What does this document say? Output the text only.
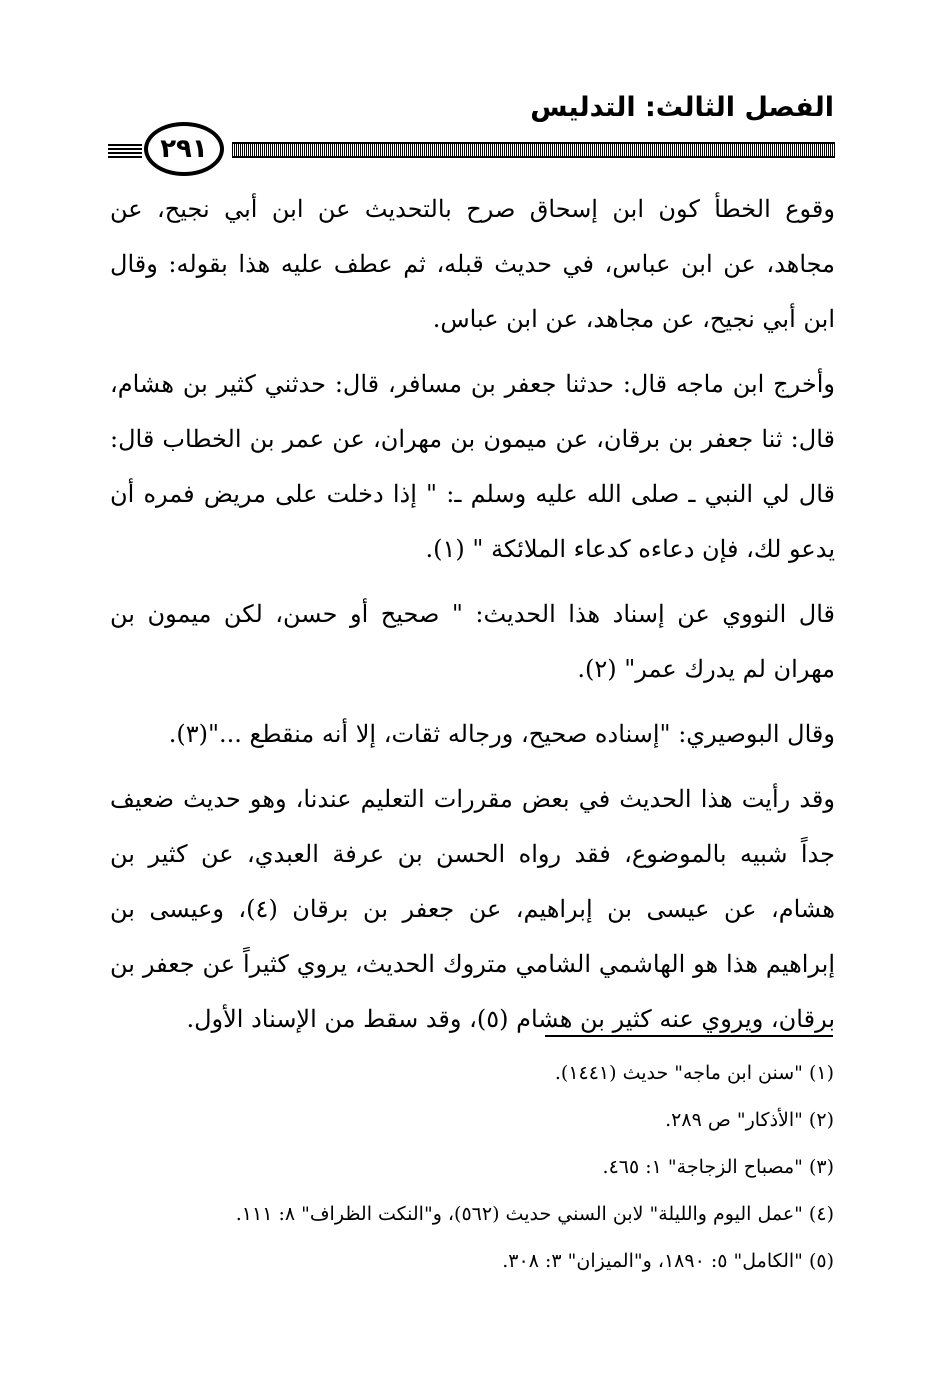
الفصل الثالث: التدليس
٢٩١

وقوع الخطأ كون ابن إسحاق صرح بالتحديث عن ابن أبي نجيح، عن مجاهد، عن ابن عباس، في حديث قبله، ثم عطف عليه هذا بقوله: وقال ابن أبي نجيح، عن مجاهد، عن ابن عباس.

وأخرج ابن ماجه قال: حدثنا جعفر بن مسافر، قال: حدثني كثير بن هشام، قال: ثنا جعفر بن برقان، عن ميمون بن مهران، عن عمر بن الخطاب قال: قال لي النبي ـ صلى الله عليه وسلم ـ: " إذا دخلت على مريض فمره أن يدعو لك، فإن دعاءه كدعاء الملائكة " (١).

قال النووي عن إسناد هذا الحديث: " صحيح أو حسن، لكن ميمون بن مهران لم يدرك عمر" (٢).

وقال البوصيري: "إسناده صحيح، ورجاله ثقات، إلا أنه منقطع ..."(٣).

وقد رأيت هذا الحديث في بعض مقررات التعليم عندنا، وهو حديث ضعيف جداً شبيه بالموضوع، فقد رواه الحسن بن عرفة العبدي، عن كثير بن هشام، عن عيسى بن إبراهيم، عن جعفر بن برقان (٤)، وعيسى بن إبراهيم هذا هو الهاشمي الشامي متروك الحديث، يروي كثيراً عن جعفر بن برقان، ويروي عنه كثير بن هشام (٥)، وقد سقط من الإسناد الأول.

(١) "سنن ابن ماجه" حديث (١٤٤١).

(٢) "الأذكار" ص ٢٨٩.

(٣) "مصباح الزجاجة" ١: ٤٦٥.

(٤) "عمل اليوم والليلة" لابن السني حديث (٥٦٢)، و"النكت الظراف" ٨: ١١١.

(٥) "الكامل" ٥: ١٨٩٠، و"الميزان" ٣: ٣٠٨.
